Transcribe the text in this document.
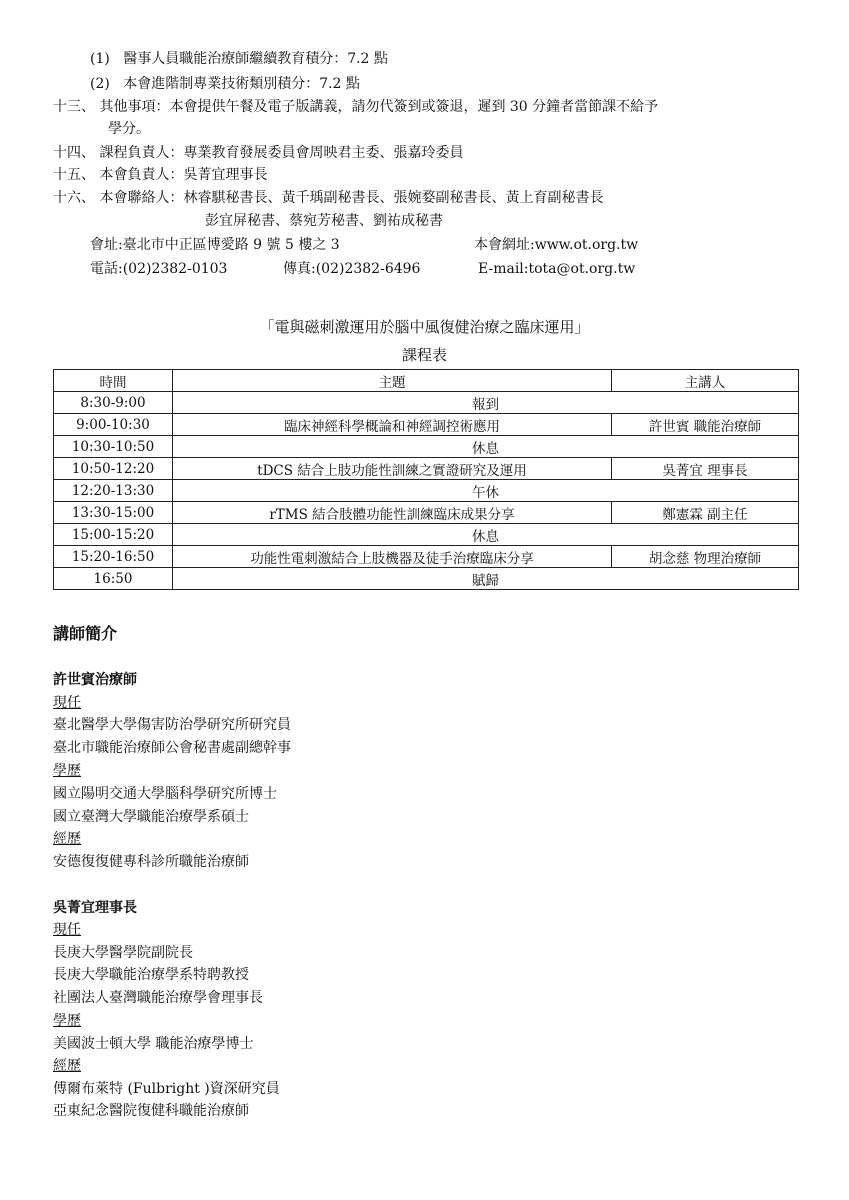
(1) 醫事人員職能治療師繼續教育積分：7.2 點
(2) 本會進階制專業技術類別積分：7.2 點
十三、 其他事項：本會提供午餐及電子版講義，請勿代簽到或簽退，遲到 30 分鐘者當節課不給予
學分。
十四、 課程負責人：專業教育發展委員會周映君主委、張嘉玲委員
十五、 本會負責人：吳菁宜理事長
十六、 本會聯絡人：林睿騏秘書長、黃千瑀副秘書長、張婉婺副秘書長、黃上育副秘書長
彭宜屏秘書、蔡宛芳秘書、劉祐成秘書
會址:臺北市中正區博愛路 9 號 5 樓之 3	本會網址:www.ot.org.tw
電話:(02)2382-0103	傳真:(02)2382-6496	E-mail:tota@ot.org.tw
「電與磁刺激運用於腦中風復健治療之臨床運用」
課程表
時間	主題	主講人
8:30-9:00	報到	
9:00-10:30	臨床神經科學概論和神經調控術應用	許世賓 職能治療師
10:30-10:50	休息	
10:50-12:20	tDCS 結合上肢功能性訓練之實證研究及運用	吳菁宜 理事長
12:20-13:30	午休	
13:30-15:00	rTMS 結合肢體功能性訓練臨床成果分享	鄭憲霖 副主任
15:00-15:20	休息	
15:20-16:50	功能性電刺激結合上肢機器及徒手治療臨床分享	胡念慈 物理治療師
16:50	賦歸	
講師簡介
許世賓治療師
現任
臺北醫學大學傷害防治學研究所研究員
臺北市職能治療師公會秘書處副總幹事
學歷
國立陽明交通大學腦科學研究所博士
國立臺灣大學職能治療學系碩士
經歷
安德復復健專科診所職能治療師
吳菁宜理事長
現任
長庚大學醫學院副院長
長庚大學職能治療學系特聘教授
社團法人臺灣職能治療學會理事長
學歷
美國波士頓大學 職能治療學博士
經歷
傅爾布萊特 (Fulbright )資深研究員
亞東紀念醫院復健科職能治療師
